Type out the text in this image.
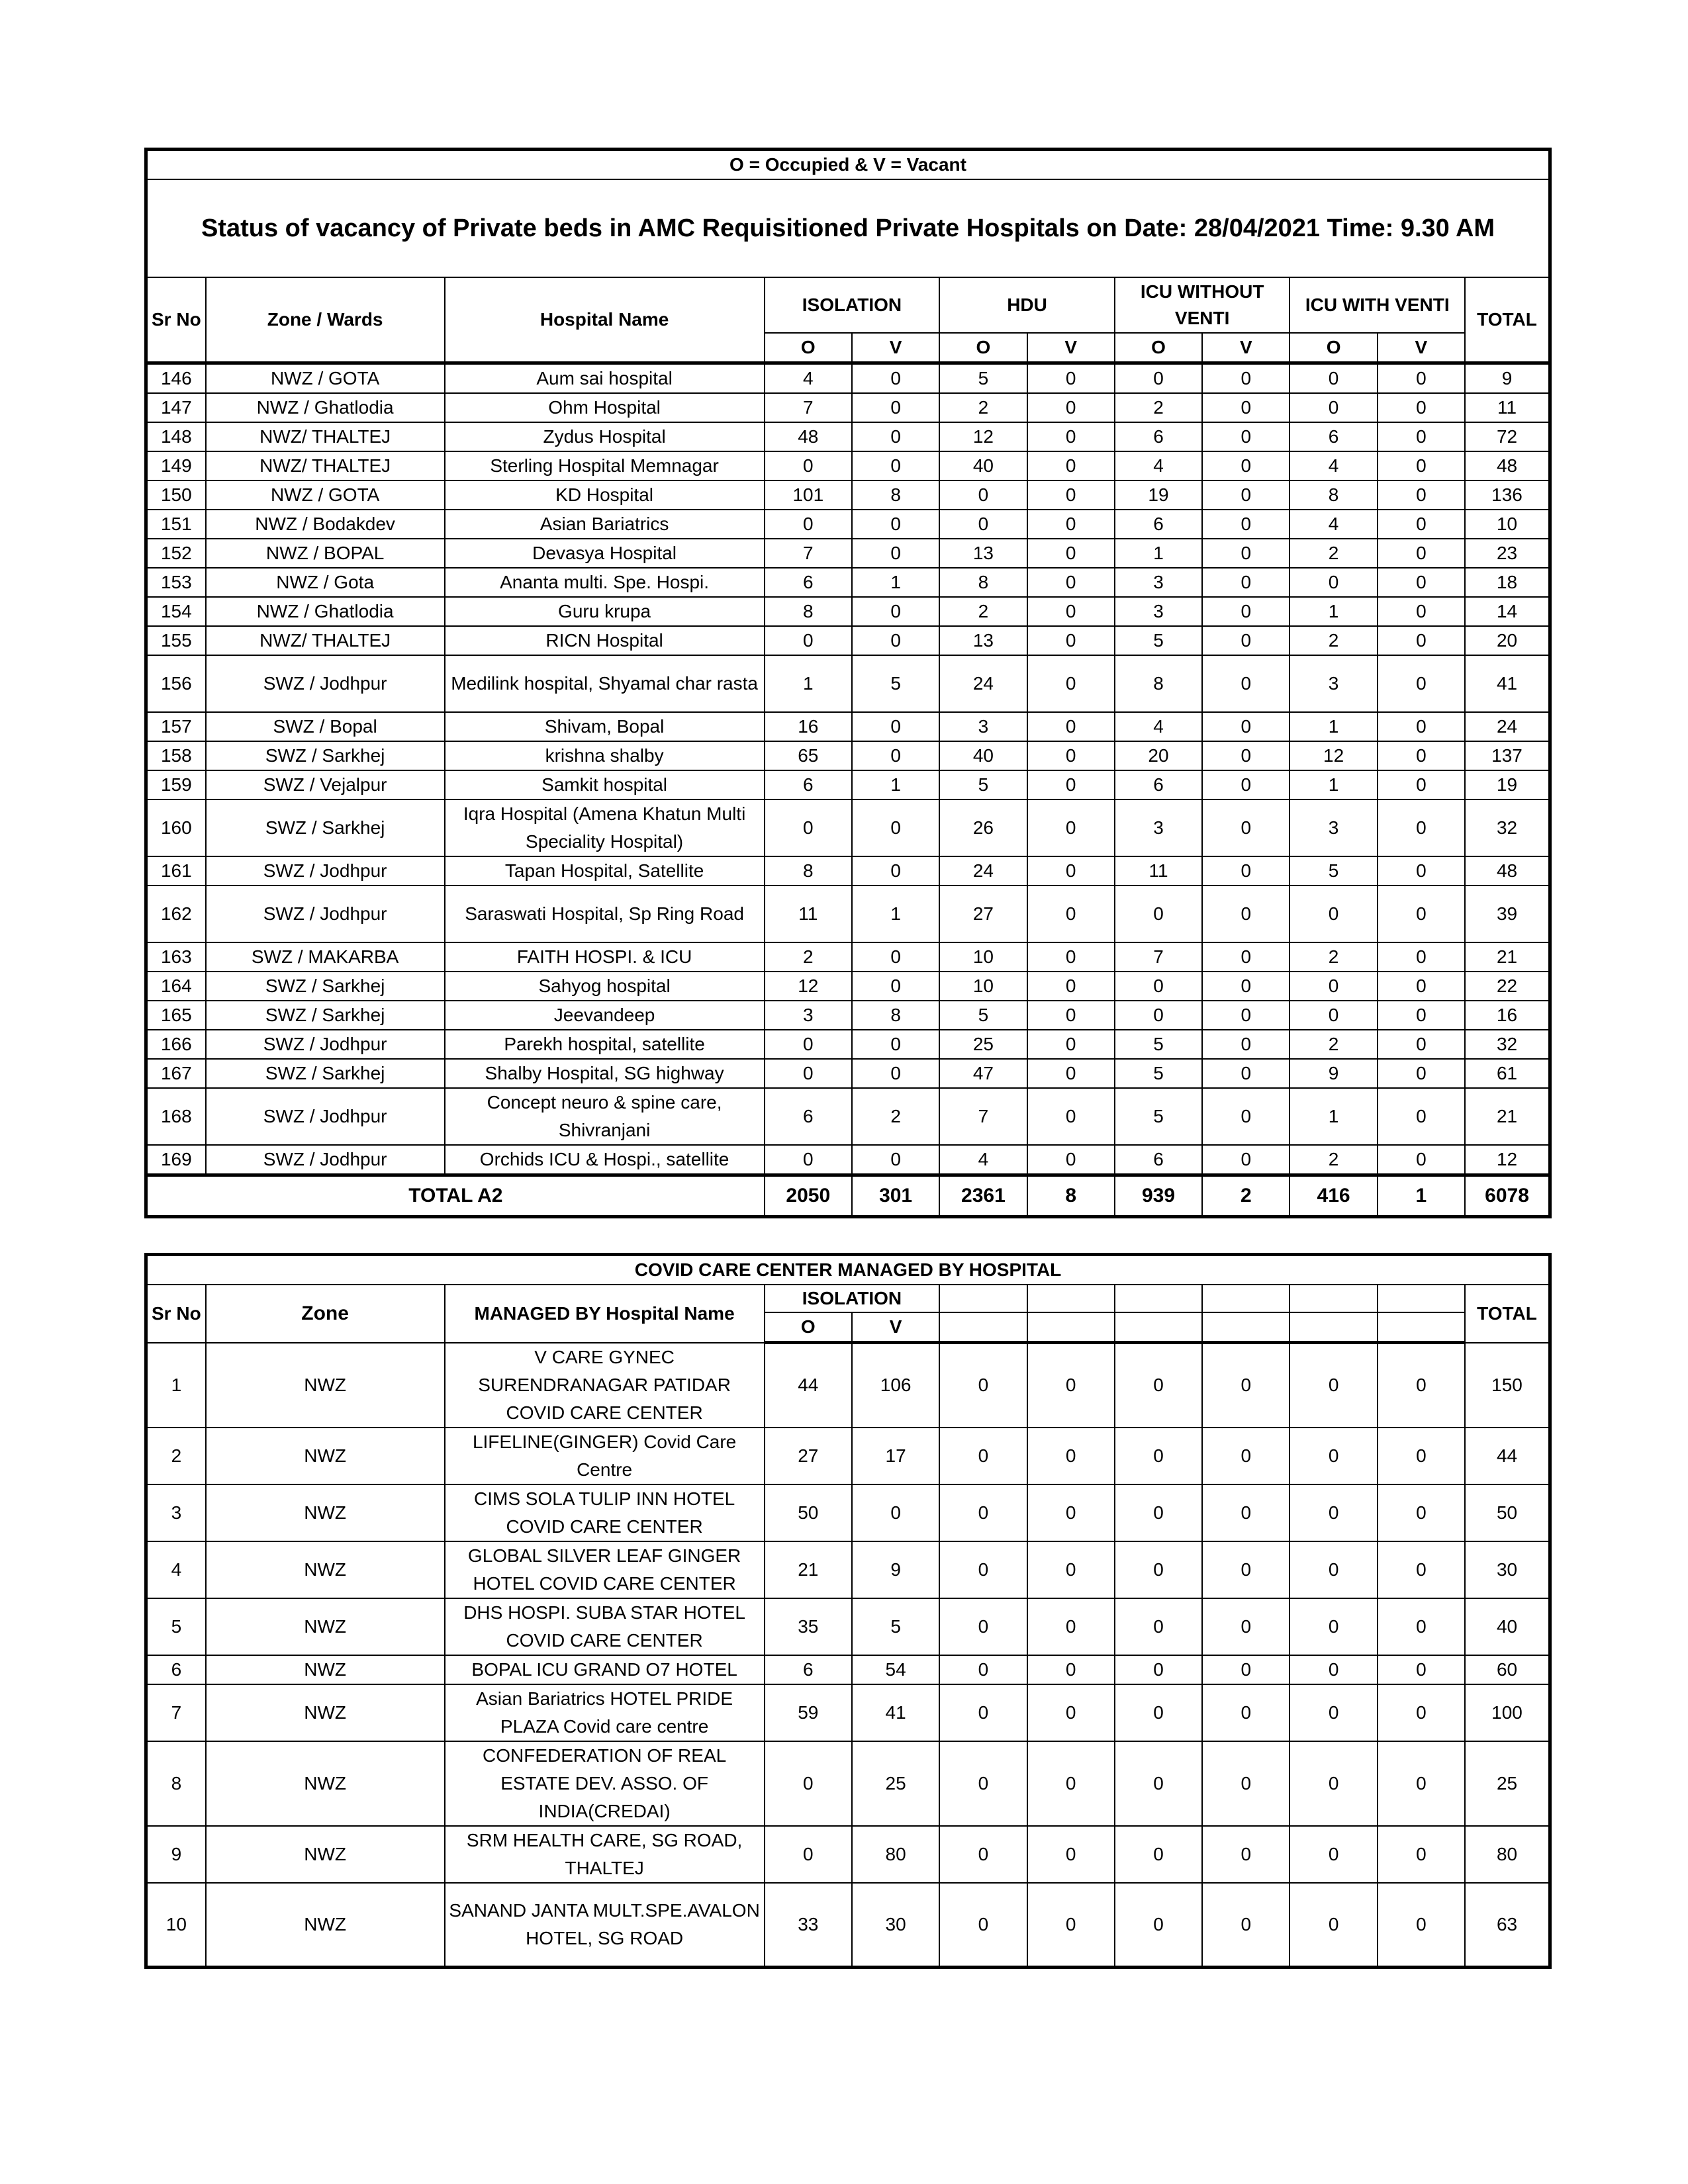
O = Occupied & V = Vacant											
Status of vacancy of Private beds in AMC Requisitioned Private Hospitals on Date: 28/04/2021 Time: 9.30 AM											
Sr No	Zone / Wards	Hospital Name	ISOLATION		HDU		ICU WITHOUT VENTI		ICU WITH VENTI		TOTAL
			O	V	O	V	O	V	O	V	
146	NWZ / GOTA	Aum sai hospital	4	0	5	0	0	0	0	0	9
147	NWZ / Ghatlodia	Ohm Hospital	7	0	2	0	2	0	0	0	11
148	NWZ/ THALTEJ	Zydus Hospital	48	0	12	0	6	0	6	0	72
149	NWZ/ THALTEJ	Sterling Hospital Memnagar	0	0	40	0	4	0	4	0	48
150	NWZ / GOTA	KD Hospital	101	8	0	0	19	0	8	0	136
151	NWZ / Bodakdev	Asian Bariatrics	0	0	0	0	6	0	4	0	10
152	NWZ / BOPAL	Devasya Hospital	7	0	13	0	1	0	2	0	23
153	NWZ / Gota	Ananta multi. Spe. Hospi.	6	1	8	0	3	0	0	0	18
154	NWZ / Ghatlodia	Guru krupa	8	0	2	0	3	0	1	0	14
155	NWZ/ THALTEJ	RICN Hospital	0	0	13	0	5	0	2	0	20
156	SWZ / Jodhpur	Medilink hospital, Shyamal char rasta	1	5	24	0	8	0	3	0	41
157	SWZ / Bopal	Shivam, Bopal	16	0	3	0	4	0	1	0	24
158	SWZ / Sarkhej	krishna shalby	65	0	40	0	20	0	12	0	137
159	SWZ / Vejalpur	Samkit hospital	6	1	5	0	6	0	1	0	19
160	SWZ / Sarkhej	Iqra Hospital (Amena Khatun Multi Speciality Hospital)	0	0	26	0	3	0	3	0	32
161	SWZ / Jodhpur	Tapan Hospital, Satellite	8	0	24	0	11	0	5	0	48
162	SWZ / Jodhpur	Saraswati Hospital, Sp Ring Road	11	1	27	0	0	0	0	0	39
163	SWZ / MAKARBA	FAITH HOSPI. & ICU	2	0	10	0	7	0	2	0	21
164	SWZ / Sarkhej	Sahyog hospital	12	0	10	0	0	0	0	0	22
165	SWZ / Sarkhej	Jeevandeep	3	8	5	0	0	0	0	0	16
166	SWZ / Jodhpur	Parekh hospital, satellite	0	0	25	0	5	0	2	0	32
167	SWZ / Sarkhej	Shalby Hospital, SG highway	0	0	47	0	5	0	9	0	61
168	SWZ / Jodhpur	Concept neuro & spine care, Shivranjani	6	2	7	0	5	0	1	0	21
169	SWZ / Jodhpur	Orchids ICU & Hospi., satellite	0	0	4	0	6	0	2	0	12
TOTAL A2			2050	301	2361	8	939	2	416	1	6078
COVID CARE CENTER MANAGED BY HOSPITAL											
Sr No	Zone	MANAGED BY Hospital Name	ISOLATION								TOTAL
			O	V							
1	NWZ	V CARE GYNEC SURENDRANAGAR PATIDAR COVID CARE CENTER	44	106	0	0	0	0	0	0	150
2	NWZ	LIFELINE(GINGER) Covid Care Centre	27	17	0	0	0	0	0	0	44
3	NWZ	CIMS SOLA TULIP INN HOTEL COVID CARE CENTER	50	0	0	0	0	0	0	0	50
4	NWZ	GLOBAL SILVER LEAF GINGER HOTEL COVID CARE CENTER	21	9	0	0	0	0	0	0	30
5	NWZ	DHS HOSPI. SUBA STAR HOTEL COVID CARE CENTER	35	5	0	0	0	0	0	0	40
6	NWZ	BOPAL ICU GRAND O7 HOTEL	6	54	0	0	0	0	0	0	60
7	NWZ	Asian Bariatrics HOTEL PRIDE PLAZA Covid care centre	59	41	0	0	0	0	0	0	100
8	NWZ	CONFEDERATION OF REAL ESTATE DEV. ASSO. OF INDIA(CREDAI)	0	25	0	0	0	0	0	0	25
9	NWZ	SRM HEALTH CARE, SG ROAD, THALTEJ	0	80	0	0	0	0	0	0	80
10	NWZ	SANAND JANTA MULT.SPE.AVALON HOTEL, SG ROAD	33	30	0	0	0	0	0	0	63
